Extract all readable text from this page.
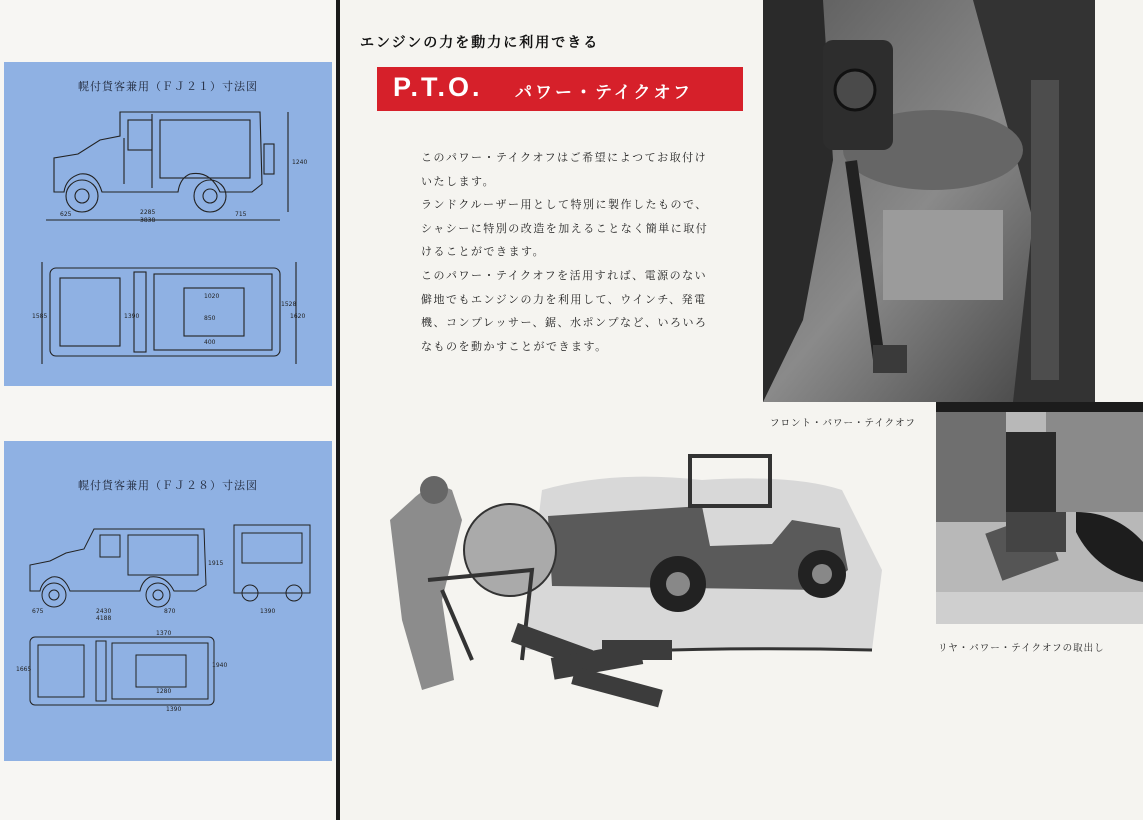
幌付貨客兼用（ＦＪ２１）寸法図
625	2285
3838
715
1240
1020
850
400
1528
1620
1585	1390
幌付貨客兼用（ＦＪ２８）寸法図
675	2430
4188
870
1915
1390
1370
1280
1390
1940
1665
エンジンの力を動力に利用できる
P.T.O. パワー・テイクオフ

このパワー・テイクオフはご希望によつてお取付けいたします。

ランドクルーザー用として特別に製作したもので、シャシーに特別の改造を加えることなく簡単に取付けることができます。

このパワー・テイクオフを活用すれば、電源のない僻地でもエンジンの力を利用して、ウインチ、発電機、コンプレッサー、鋸、水ポンプなど、いろいろなものを動かすことができます。

フロント・パワー・テイクオフ
リヤ・パワー・テイクオフの取出し
